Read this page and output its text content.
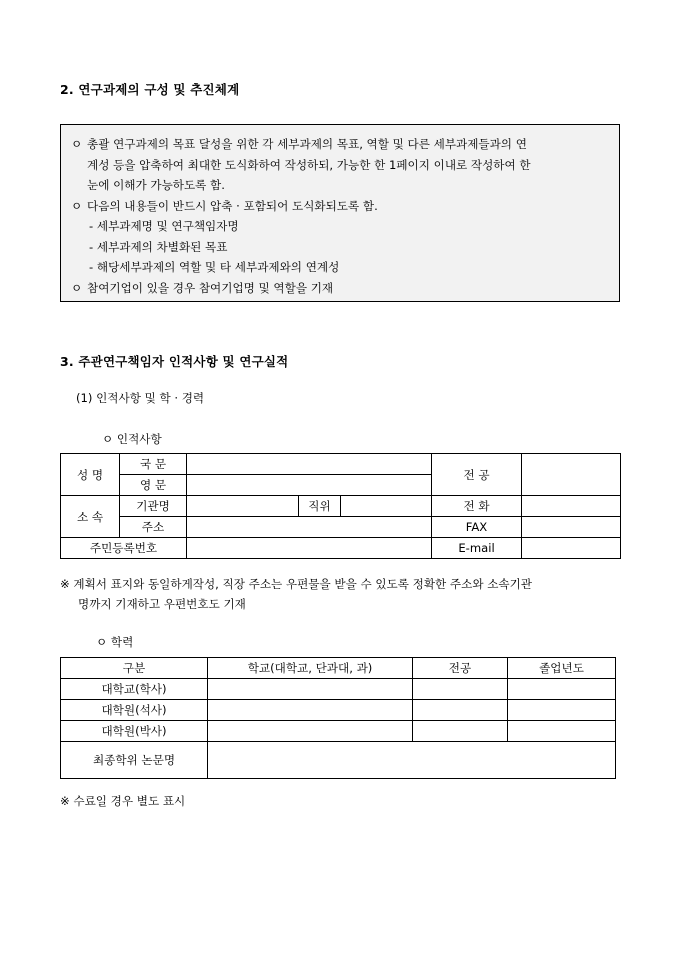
2. 연구과제의 구성 및 추진체계
ㅇ 총괄 연구과제의 목표 달성을 위한 각 세부과제의 목표, 역할 및 다른 세부과제들과의 연
계성 등을 압축하여 최대한 도식화하여 작성하되, 가능한 한 1페이지 이내로 작성하여 한
눈에 이해가 가능하도록 함.
ㅇ 다음의 내용들이 반드시 압축 · 포함되어 도식화되도록 함.
- 세부과제명 및 연구책임자명
- 세부과제의 차별화된 목표
- 해당세부과제의 역할 및 타 세부과제와의 연계성
ㅇ 참여기업이 있을 경우 참여기업명 및 역할을 기재
3. 주관연구책임자 인적사항 및 연구실적
(1) 인적사항 및 학 · 경력
ㅇ 인적사항
성 명	국 문				전 공	
	영 문					
소 속	기관명		직위		전 화	
	주소				FAX	
주민등록번호					E-mail	
※ 계획서 표지와 동일하게작성, 직장 주소는 우편물을 받을 수 있도록 정확한 주소와 소속기관
명까지 기재하고 우편번호도 기재
ㅇ 학력
구분	학교(대학교, 단과대, 과)	전공	졸업년도
대학교(학사)			
대학원(석사)			
대학원(박사)			
최종학위 논문명			
※ 수료일 경우 별도 표시
